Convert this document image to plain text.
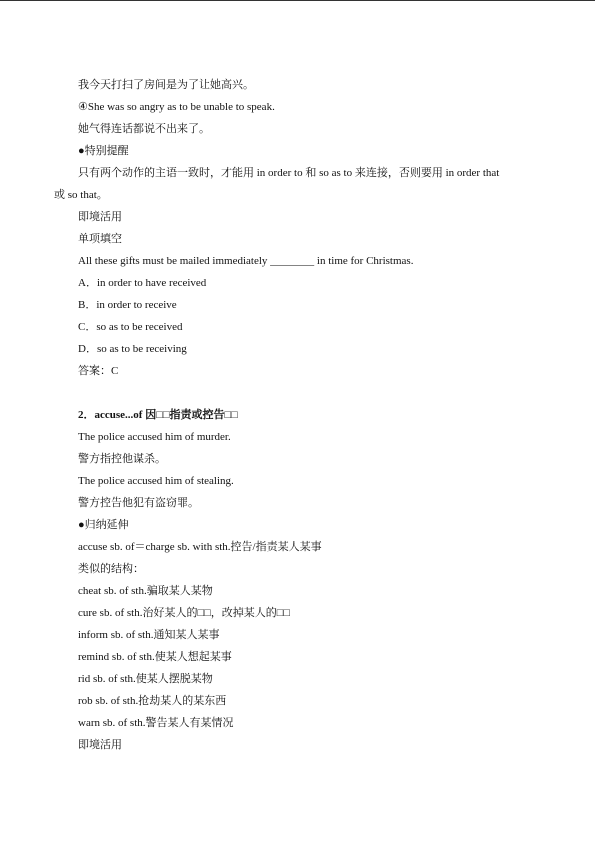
我今天打扫了房间是为了让她高兴。
④She was so angry as to be unable to speak.
她气得连话都说不出来了。
●特别提醒
只有两个动作的主语一致时，才能用 in order to 和 so as to 来连接，否则要用 in order that
或 so that。
即境活用
单项填空
All these gifts must be mailed immediately ________ in time for Christmas.
A．in order to have received
B．in order to receive
C．so as to be received
D．so as to be receiving
答案：C
2．accuse...of 因□□指责或控告□□
The police accused him of murder.
警方指控他谋杀。
The police accused him of stealing.
警方控告他犯有盗窃罪。
●归纳延伸
accuse sb. of＝charge sb. with sth.控告/指责某人某事
类似的结构：
cheat sb. of sth.骗取某人某物
cure sb. of sth.治好某人的□□，改掉某人的□□
inform sb. of sth.通知某人某事
remind sb. of sth.使某人想起某事
rid sb. of sth.使某人摆脱某物
rob sb. of sth.抢劫某人的某东西
warn sb. of sth.警告某人有某情况
即境活用
